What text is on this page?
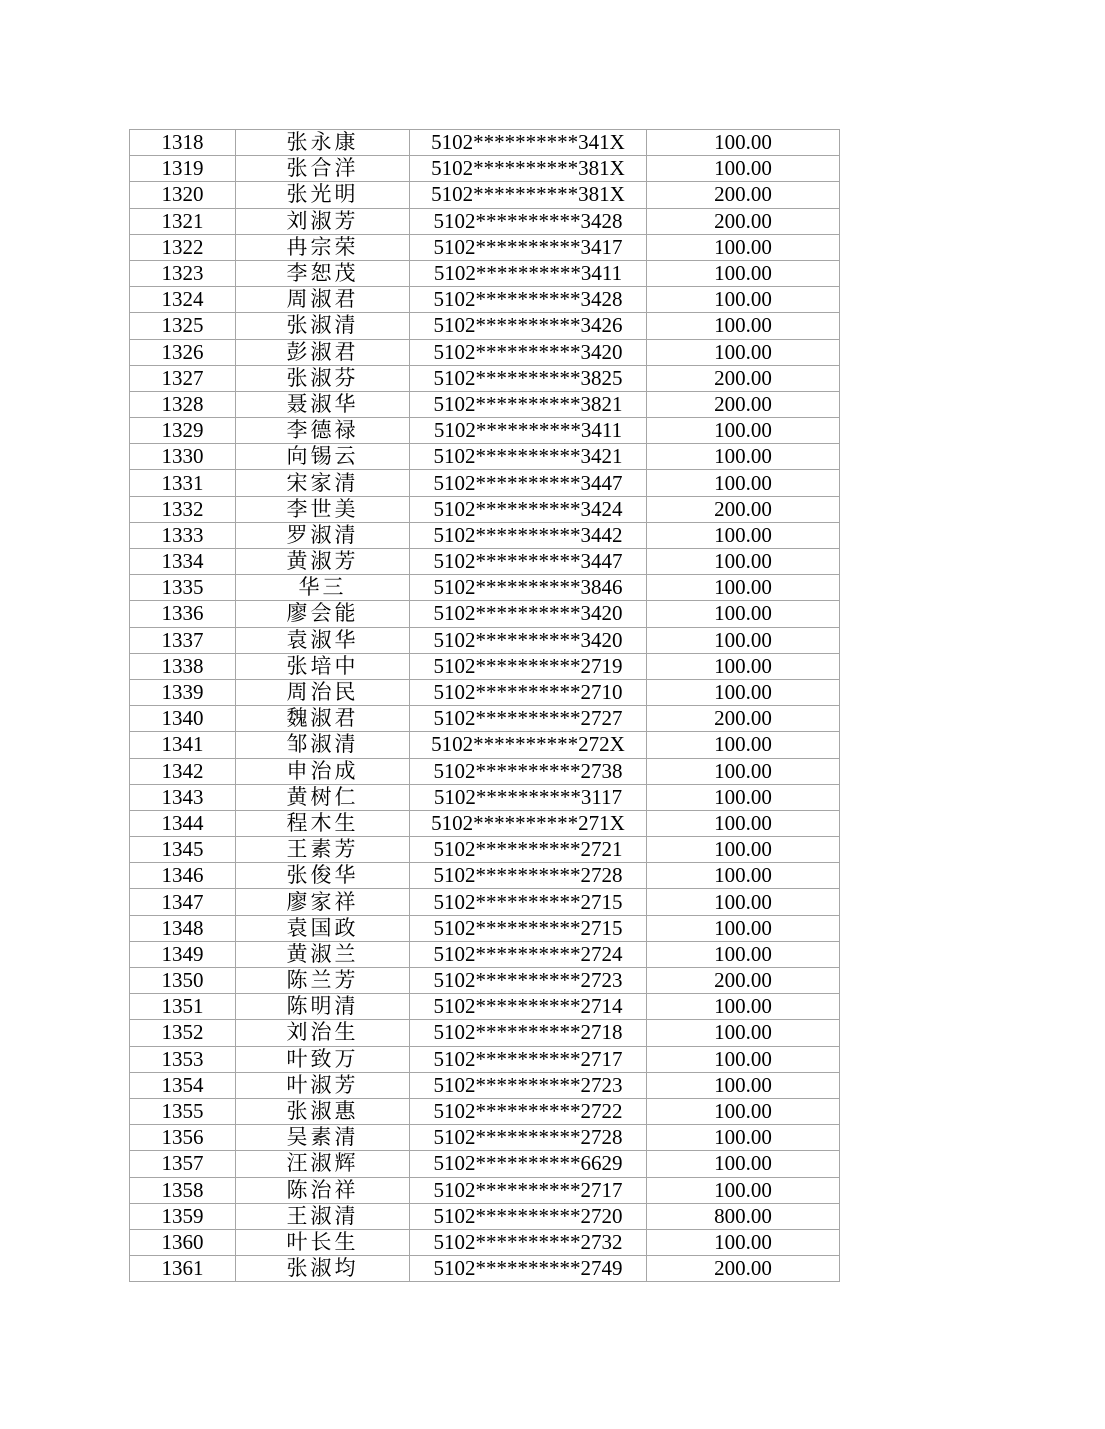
1318	张永康	5102**********341X	100.00
1319	张合洋	5102**********381X	100.00
1320	张光明	5102**********381X	200.00
1321	刘淑芳	5102**********3428	200.00
1322	冉宗荣	5102**********3417	100.00
1323	李恕茂	5102**********3411	100.00
1324	周淑君	5102**********3428	100.00
1325	张淑清	5102**********3426	100.00
1326	彭淑君	5102**********3420	100.00
1327	张淑芬	5102**********3825	200.00
1328	聂淑华	5102**********3821	200.00
1329	李德禄	5102**********3411	100.00
1330	向锡云	5102**********3421	100.00
1331	宋家清	5102**********3447	100.00
1332	李世美	5102**********3424	200.00
1333	罗淑清	5102**********3442	100.00
1334	黄淑芳	5102**********3447	100.00
1335	华三	5102**********3846	100.00
1336	廖会能	5102**********3420	100.00
1337	袁淑华	5102**********3420	100.00
1338	张培中	5102**********2719	100.00
1339	周治民	5102**********2710	100.00
1340	魏淑君	5102**********2727	200.00
1341	邹淑清	5102**********272X	100.00
1342	申治成	5102**********2738	100.00
1343	黄树仁	5102**********3117	100.00
1344	程木生	5102**********271X	100.00
1345	王素芳	5102**********2721	100.00
1346	张俊华	5102**********2728	100.00
1347	廖家祥	5102**********2715	100.00
1348	袁国政	5102**********2715	100.00
1349	黄淑兰	5102**********2724	100.00
1350	陈兰芳	5102**********2723	200.00
1351	陈明清	5102**********2714	100.00
1352	刘治生	5102**********2718	100.00
1353	叶致万	5102**********2717	100.00
1354	叶淑芳	5102**********2723	100.00
1355	张淑惠	5102**********2722	100.00
1356	吴素清	5102**********2728	100.00
1357	汪淑辉	5102**********6629	100.00
1358	陈治祥	5102**********2717	100.00
1359	王淑清	5102**********2720	800.00
1360	叶长生	5102**********2732	100.00
1361	张淑均	5102**********2749	200.00
